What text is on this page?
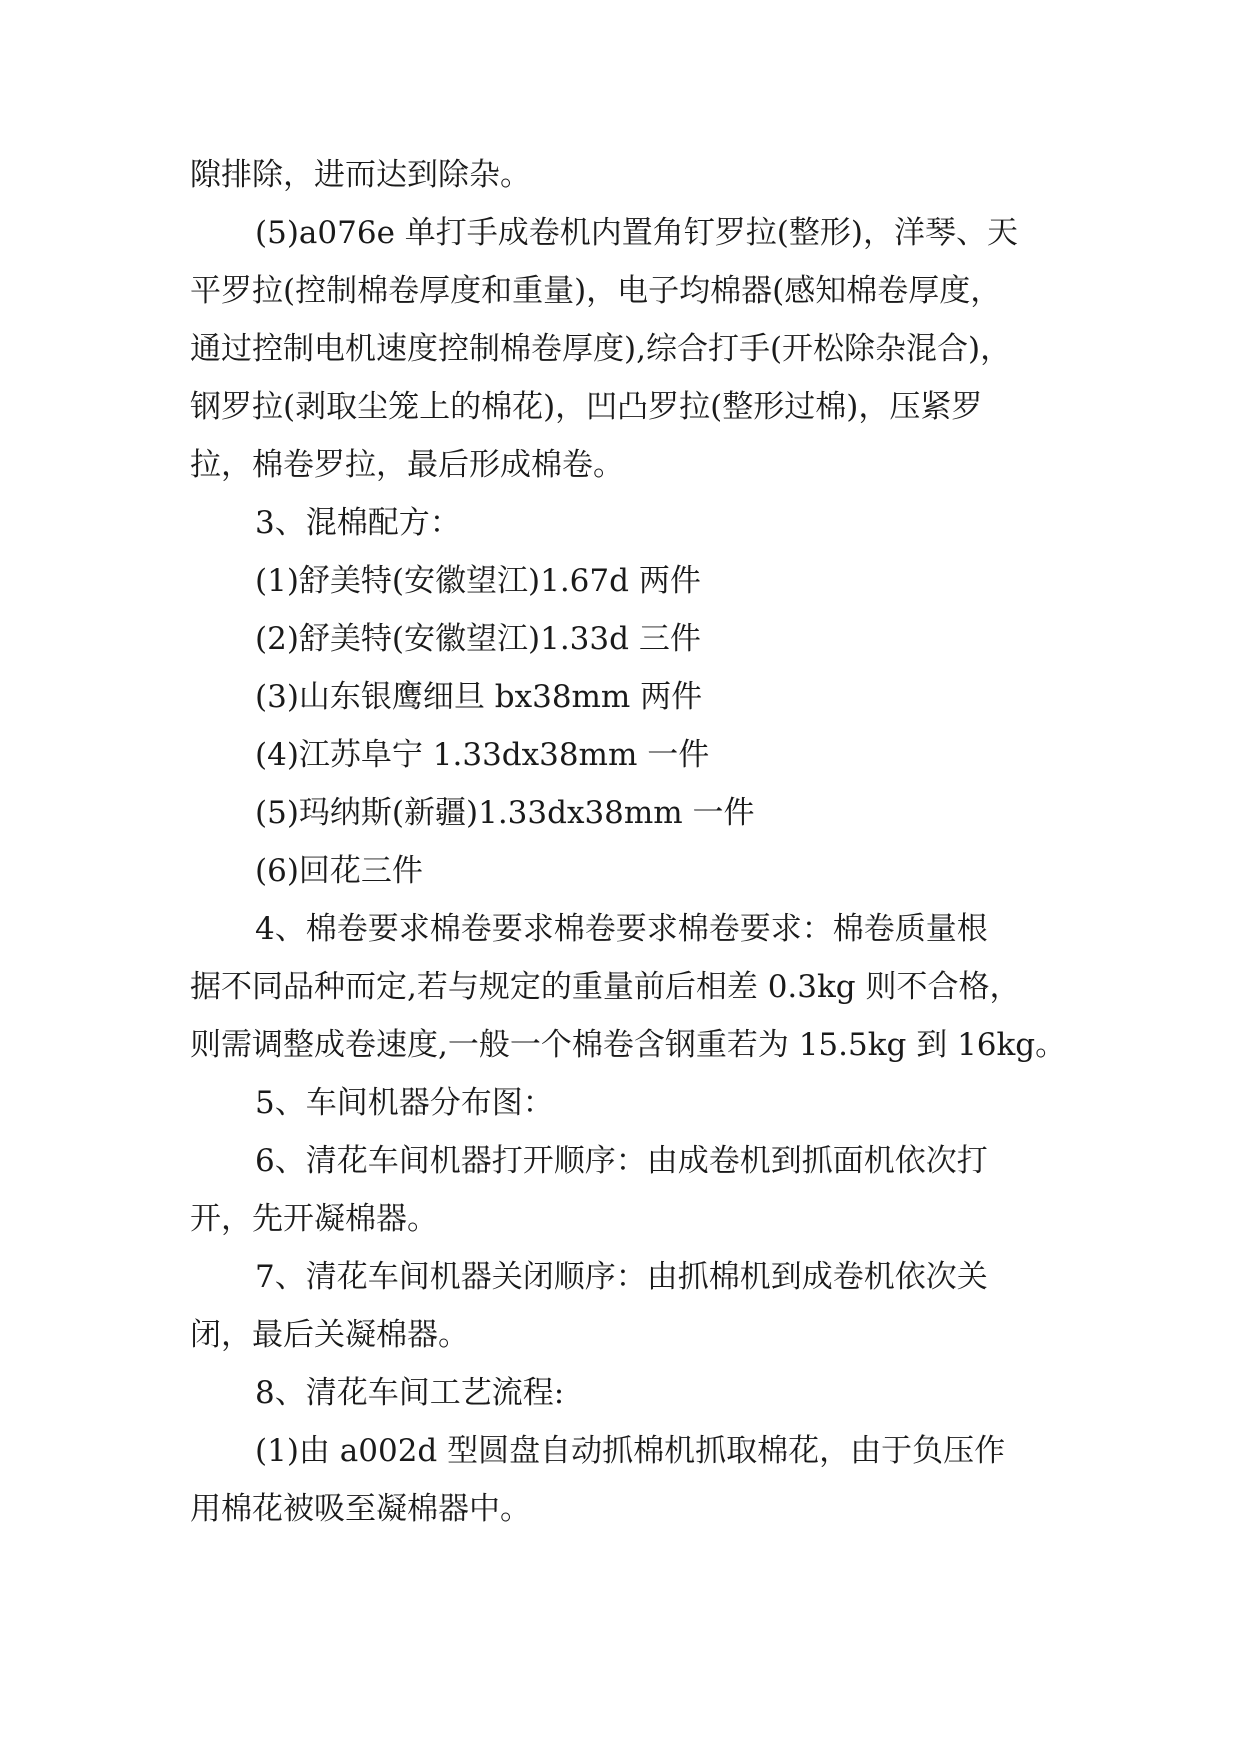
隙排除，进而达到除杂。

(5)a076e 单打手成卷机内置角钉罗拉(整形)，洋琴、天

平罗拉(控制棉卷厚度和重量)，电子均棉器(感知棉卷厚度，

通过控制电机速度控制棉卷厚度),综合打手(开松除杂混合)，

钢罗拉(剥取尘笼上的棉花)，凹凸罗拉(整形过棉)，压紧罗

拉，棉卷罗拉，最后形成棉卷。

3、混棉配方：

(1)舒美特(安徽望江)1.67d 两件

(2)舒美特(安徽望江)1.33d 三件

(3)山东银鹰细旦 bx38mm 两件

(4)江苏阜宁 1.33dx38mm 一件

(5)玛纳斯(新疆)1.33dx38mm 一件

(6)回花三件

4、棉卷要求棉卷要求棉卷要求棉卷要求：棉卷质量根

据不同品种而定,若与规定的重量前后相差 0.3kg 则不合格，

则需调整成卷速度,一般一个棉卷含钢重若为 15.5kg 到 16kg。

5、车间机器分布图：

6、清花车间机器打开顺序：由成卷机到抓面机依次打

开，先开凝棉器。

7、清花车间机器关闭顺序：由抓棉机到成卷机依次关

闭，最后关凝棉器。

8、清花车间工艺流程:

(1)由 a002d 型圆盘自动抓棉机抓取棉花，由于负压作

用棉花被吸至凝棉器中。
